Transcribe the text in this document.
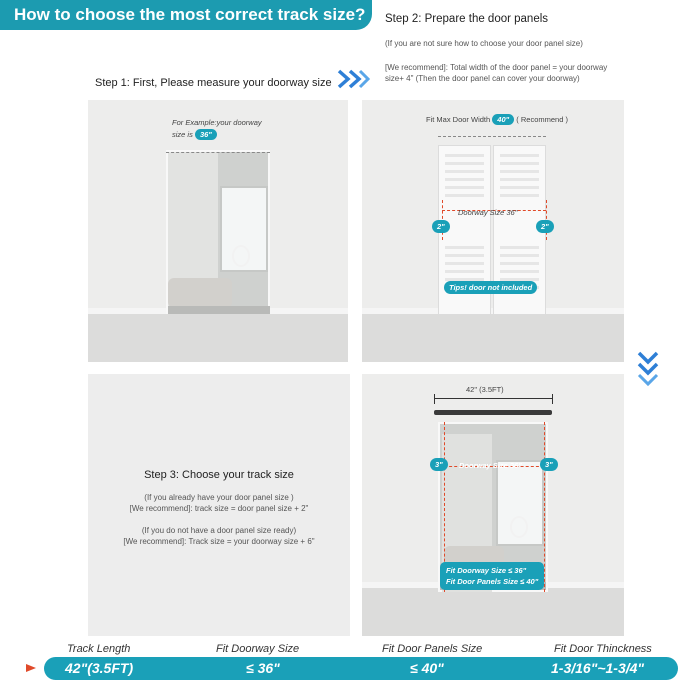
How to choose the most correct track size?	Step 2: Prepare the door panels
(If you are not sure how to choose your door panel size)
[We recommend]: Total width of the door panel = your doorway size+ 4" (Then the door panel can cover your doorway)
Step 1: First, Please measure your doorway size
For Example:your doorway
size is 36"
Fit Max Door Width 40" ( Recommend )
Doorway Size 36"
2"	2"
Tips! door not included
Step 3: Choose your track size
(If you already have your door panel size )
[We recommend]: track size = door panel size + 2"
(If you do not have a door panel size ready)
[We recommend]: Track size = your doorway size + 6"
42" (3.5FT)
Doorway Size 36"
3"	3"
Fit Doorway Size ≤ 36"
Fit Door Panels Size ≤ 40"
Track Length	Fit Doorway Size	Fit Door Panels Size	Fit Door Thinckness
42"(3.5FT)	≤ 36"	≤ 40"	1-3/16"~1-3/4"
